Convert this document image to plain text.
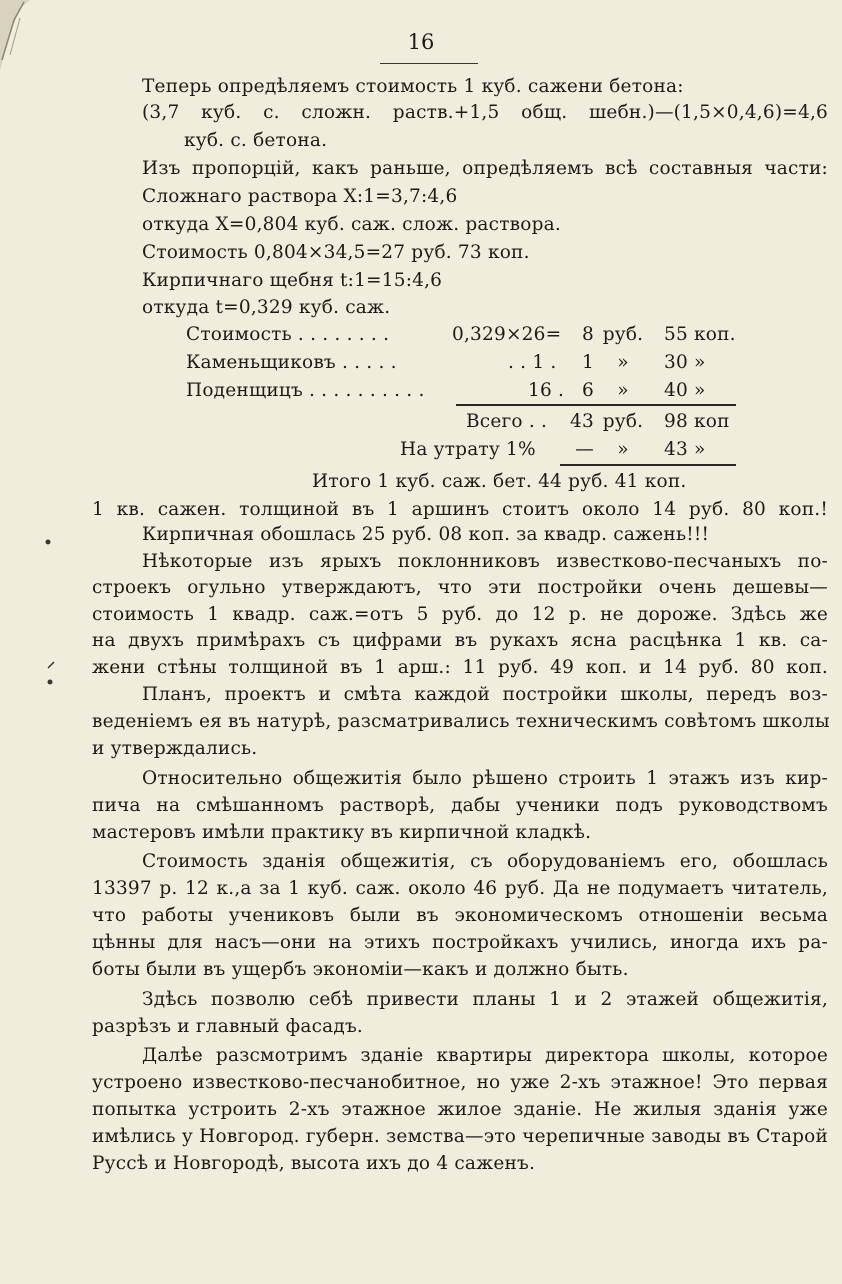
16
Теперь опредѣляемъ стоимость 1 куб. сажени бетона:
(3,7 куб. с. сложн. раств.+1,5 общ. шебн.)—(1,5×0,4,6)=4,6
куб. с. бетона.
Изъ пропорцій, какъ раньше, опредѣляемъ всѣ составныя части:
Сложнаго раствора X:1=3,7:4,6
откуда X=0,804 куб. саж. слож. раствора.
Стоимость 0,804×34,5=27 руб. 73 коп.
Кирпичнаго щебня t:1=15:4,6
откуда t=0,329 куб. саж.
Стоимость . . . . . . . .	0,329×26=	8 руб.	55 коп.
Каменьщиковъ . . . . .	. . 1 .	1	»	30 »
Поденщицъ . . . . . . . . . .	16 . 6	»	40 »
Всего . .	43 руб.	98 коп
На утрату 1%	—	»	43 »
Итого 1 куб. саж. бет. 44 руб. 41 коп.
1 кв. сажен. толщиной въ 1 аршинъ стоитъ около 14 руб. 80 коп.!
Кирпичная обошлась 25 руб. 08 коп. за квадр. сажень!!!
Нѣкоторые изъ ярыхъ поклонниковъ известково-песчаныхъ по-
строекъ огульно утверждаютъ, что эти постройки очень дешевы—
стоимость 1 квадр. саж.=отъ 5 руб. до 12 р. не дороже. Здѣсь же
на двухъ примѣрахъ съ цифрами въ рукахъ ясна расцѣнка 1 кв. са-
жени стѣны толщиной въ 1 арш.: 11 руб. 49 коп. и 14 руб. 80 коп.
Планъ, проектъ и смѣта каждой постройки школы, передъ воз-
веденіемъ ея въ натурѣ, разсматривались техническимъ совѣтомъ школы
и утверждались.
Относительно общежитія было рѣшено строить 1 этажъ изъ кир-
пича на смѣшанномъ растворѣ, дабы ученики подъ руководствомъ
мастеровъ имѣли практику въ кирпичной кладкѣ.
Стоимость зданія общежитія, съ оборудованіемъ его, обошлась
13397 р. 12 к.,а за 1 куб. саж. около 46 руб. Да не подумаетъ читатель,
что работы учениковъ были въ экономическомъ отношеніи весьма
цѣнны для насъ—они на этихъ постройкахъ учились, иногда ихъ ра-
боты были въ ущербъ экономіи—какъ и должно быть.
Здѣсь позволю себѣ привести планы 1 и 2 этажей общежитія,
разрѣзъ и главный фасадъ.
Далѣе разсмотримъ зданіе квартиры директора школы, которое
устроено известково-песчанобитное, но уже 2-хъ этажное! Это первая
попытка устроить 2-хъ этажное жилое зданіе. Не жилыя зданія уже
имѣлись у Новгород. губерн. земства—это черепичные заводы въ Старой
Руссѣ и Новгородѣ, высота ихъ до 4 саженъ.
